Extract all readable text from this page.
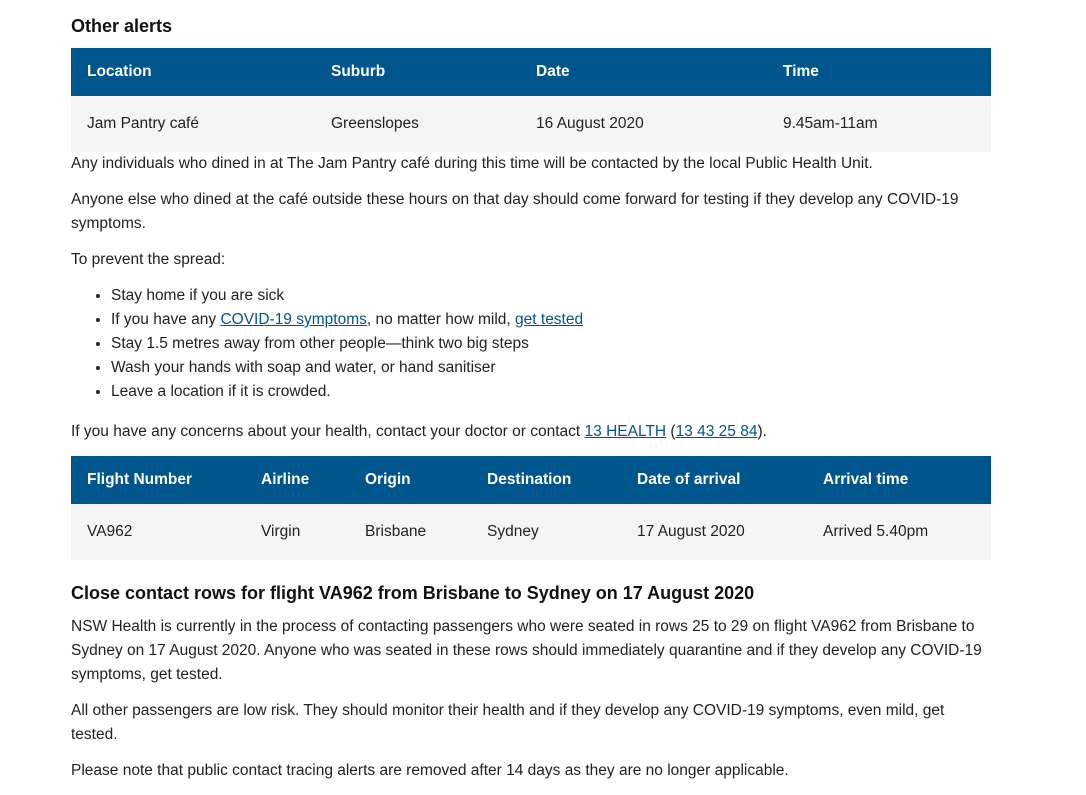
Other alerts
Location	Suburb	Date	Time
Jam Pantry café	Greenslopes	16 August 2020	9.45am-11am

Any individuals who dined in at The Jam Pantry café during this time will be contacted by the local Public Health Unit.

Anyone else who dined at the café outside these hours on that day should come forward for testing if they develop any COVID-19 symptoms.

To prevent the spread:

• Stay home if you are sick
• If you have any COVID-19 symptoms, no matter how mild, get tested
• Stay 1.5 metres away from other people—think two big steps
• Wash your hands with soap and water, or hand sanitiser
• Leave a location if it is crowded.

If you have any concerns about your health, contact your doctor or contact 13 HEALTH (13 43 25 84).

Flight Number	Airline	Origin	Destination	Date of arrival	Arrival time
VA962	Virgin	Brisbane	Sydney	17 August 2020	Arrived 5.40pm
Close contact rows for flight VA962 from Brisbane to Sydney on 17 August 2020

NSW Health is currently in the process of contacting passengers who were seated in rows 25 to 29 on flight VA962 from Brisbane to Sydney on 17 August 2020. Anyone who was seated in these rows should immediately quarantine and if they develop any COVID-19 symptoms, get tested.

All other passengers are low risk. They should monitor their health and if they develop any COVID-19 symptoms, even mild, get tested.

Please note that public contact tracing alerts are removed after 14 days as they are no longer applicable.
